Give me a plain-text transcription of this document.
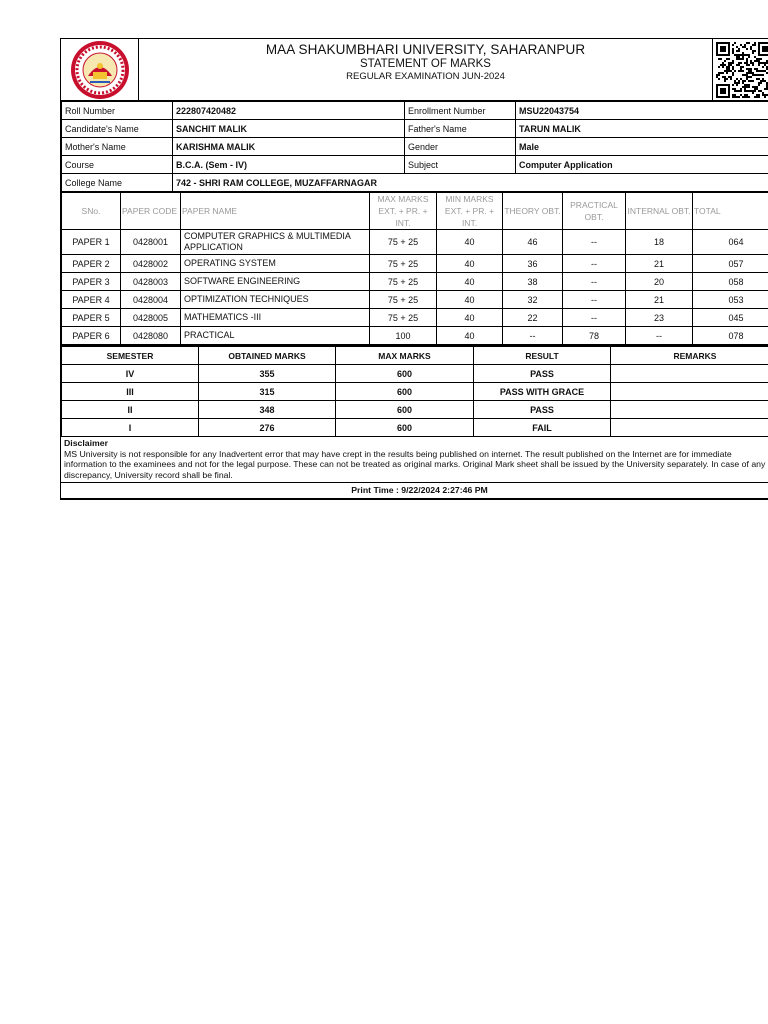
MAA SHAKUMBHARI UNIVERSITY, SAHARANPUR
STATEMENT OF MARKS
REGULAR EXAMINATION JUN-2024
Roll Number	222807420482	Enrollment Number	MSU22043754
Candidate's Name	SANCHIT MALIK	Father's Name	TARUN MALIK
Mother's Name	KARISHMA MALIK	Gender	Male
Course	B.C.A. (Sem - IV)	Subject	Computer Application
College Name	742 - SHRI RAM COLLEGE, MUZAFFARNAGAR		
SNo.	PAPER CODE	PAPER NAME	MAX MARKS EXT. + PR. + INT.	MIN MARKS EXT. + PR. + INT.	THEORY OBT.	PRACTICAL OBT.	INTERNAL OBT.	TOTAL
PAPER 1	0428001	COMPUTER GRAPHICS & MULTIMEDIA APPLICATION	75 + 25	40	46	--	18	064
PAPER 2	0428002	OPERATING SYSTEM	75 + 25	40	36	--	21	057
PAPER 3	0428003	SOFTWARE ENGINEERING	75 + 25	40	38	--	20	058
PAPER 4	0428004	OPTIMIZATION TECHNIQUES	75 + 25	40	32	--	21	053
PAPER 5	0428005	MATHEMATICS -III	75 + 25	40	22	--	23	045
PAPER 6	0428080	PRACTICAL	100	40	--	78	--	078
SEMESTER	OBTAINED MARKS	MAX MARKS	RESULT	REMARKS
IV	355	600	PASS	
III	315	600	PASS WITH GRACE	
II	348	600	PASS	
I	276	600	FAIL	
Disclaimer
MS University is not responsible for any Inadvertent error that may have crept in the results being published on internet. The result published on the Internet are for immediate information to the examinees and not for the legal purpose. These can not be treated as original marks. Original Mark sheet shall be issued by the University separately. In case of any discrepancy, University record shall be final.
Print Time : 9/22/2024 2:27:46 PM
